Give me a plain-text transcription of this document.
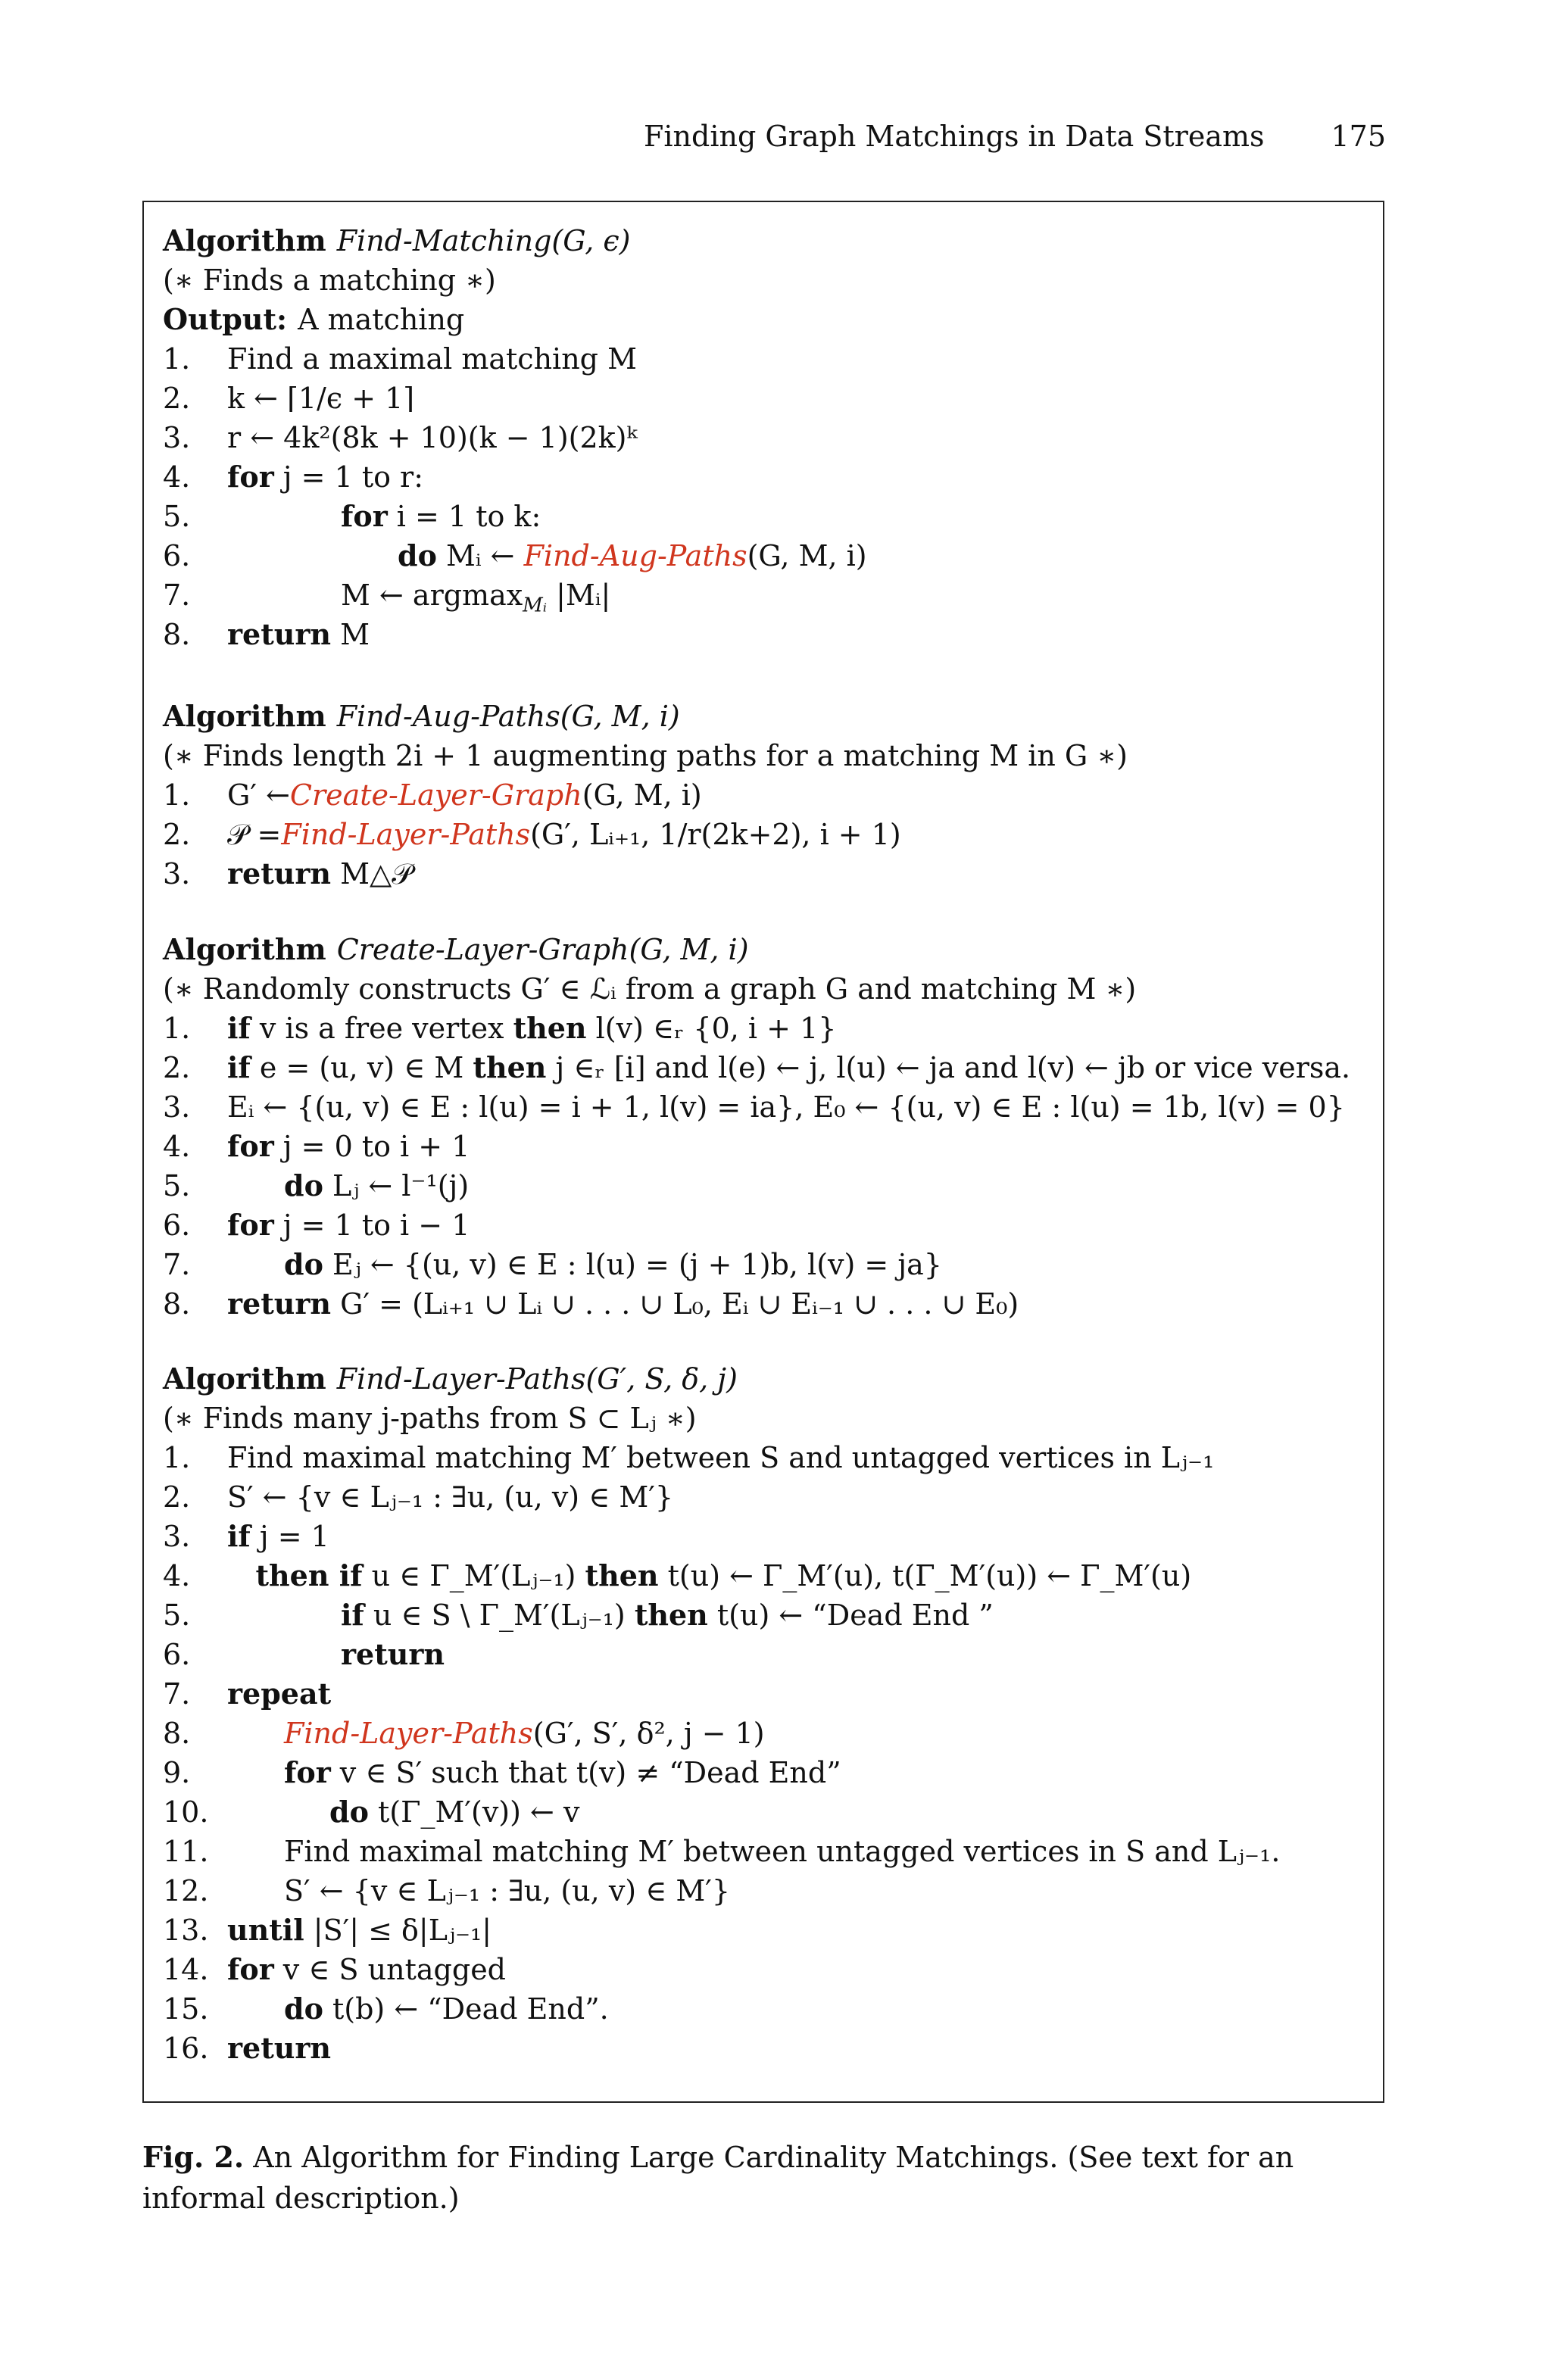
Finding Graph Matchings in Data Streams 175
Algorithm Find-Matching(G, ϵ)
(∗ Finds a matching ∗)
Output: A matching
1. Find a maximal matching M
2. k ← ⌈1/ϵ + 1⌉
3. r ← 4k²(8k + 10)(k − 1)(2k)ᵏ
4. for j = 1 to r:
5.	for i = 1 to k:
6.	do Mᵢ ← Find-Aug-Paths(G, M, i)
7.	M ← argmax$_{Mᵢ}$ |Mᵢ|
8. return M
Algorithm Find-Aug-Paths(G, M, i)
(∗ Finds length 2i + 1 augmenting paths for a matching M in G ∗)
1. G′ ←Create-Layer-Graph(G, M, i)
2. 𝒫 =Find-Layer-Paths(G′, Lᵢ₊₁, 1/r(2k+2), i + 1)
3. return M△𝒫
Algorithm Create-Layer-Graph(G, M, i)
(∗ Randomly constructs G′ ∈ ℒᵢ from a graph G and matching M ∗)
1. if v is a free vertex then l(v) ∈ᵣ {0, i + 1}
2. if e = (u, v) ∈ M then j ∈ᵣ [i] and l(e) ← j, l(u) ← ja and l(v) ← jb or vice versa.
3. Eᵢ ← {(u, v) ∈ E : l(u) = i + 1, l(v) = ia}, E₀ ← {(u, v) ∈ E : l(u) = 1b, l(v) = 0}
4. for j = 0 to i + 1
5.	do Lⱼ ← l⁻¹(j)
6. for j = 1 to i − 1
7.	do Eⱼ ← {(u, v) ∈ E : l(u) = (j + 1)b, l(v) = ja}
8. return G′ = (Lᵢ₊₁ ∪ Lᵢ ∪ . . . ∪ L₀, Eᵢ ∪ Eᵢ₋₁ ∪ . . . ∪ E₀)
Algorithm Find-Layer-Paths(G′, S, δ, j)
(∗ Finds many j-paths from S ⊂ Lⱼ ∗)
1. Find maximal matching M′ between S and untagged vertices in Lⱼ₋₁
2. S′ ← {v ∈ Lⱼ₋₁ : ∃u, (u, v) ∈ M′}
3. if j = 1
4. then if u ∈ Γ_M′(Lⱼ₋₁) then t(u) ← Γ_M′(u), t(Γ_M′(u)) ← Γ_M′(u)
5.	if u ∈ S \ Γ_M′(Lⱼ₋₁) then t(u) ← “Dead End ”
6.	return
7. repeat
8.	Find-Layer-Paths(G′, S′, δ², j − 1)
9.	for v ∈ S′ such that t(v) ≠ “Dead End”
10.	do t(Γ_M′(v)) ← v
11.	Find maximal matching M′ between untagged vertices in S and Lⱼ₋₁.
12.	S′ ← {v ∈ Lⱼ₋₁ : ∃u, (u, v) ∈ M′}
13. until |S′| ≤ δ|Lⱼ₋₁|
14. for v ∈ S untagged
15.	do t(b) ← “Dead End”.
16. return
Fig. 2. An Algorithm for Finding Large Cardinality Matchings. (See text for an informal description.)
